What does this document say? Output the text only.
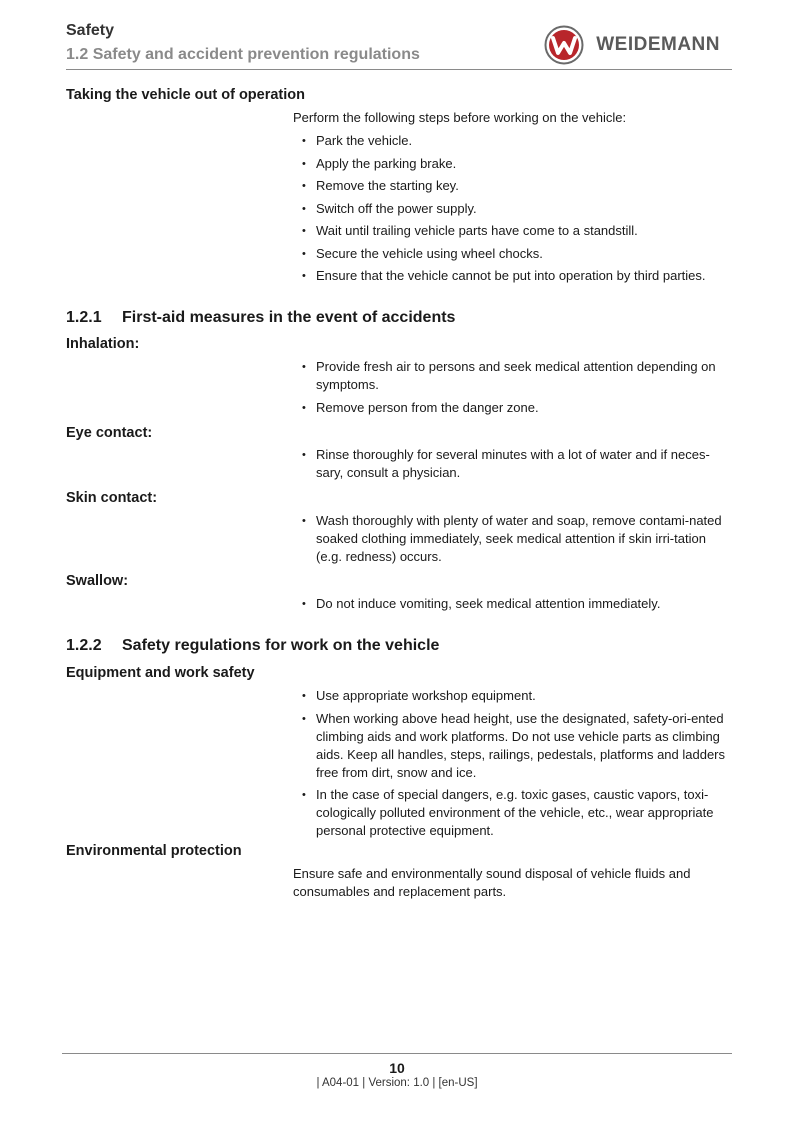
Safety
1.2 Safety and accident prevention regulations	WEIDEMANN
Taking the vehicle out of operation
Perform the following steps before working on the vehicle:
• Park the vehicle.
• Apply the parking brake.
• Remove the starting key.
• Switch off the power supply.
• Wait until trailing vehicle parts have come to a standstill.
• Secure the vehicle using wheel chocks.
• Ensure that the vehicle cannot be put into operation by third parties.
1.2.1 First-aid measures in the event of accidents
Inhalation:
• Provide fresh air to persons and seek medical attention depending on symptoms.
• Remove person from the danger zone.
Eye contact:
• Rinse thoroughly for several minutes with a lot of water and if neces-sary, consult a physician.
Skin contact:
• Wash thoroughly with plenty of water and soap, remove contami-nated soaked clothing immediately, seek medical attention if skin irri-tation (e.g. redness) occurs.
Swallow:
• Do not induce vomiting, seek medical attention immediately.
1.2.2 Safety regulations for work on the vehicle
Equipment and work safety
• Use appropriate workshop equipment.
• When working above head height, use the designated, safety-ori-ented climbing aids and work platforms. Do not use vehicle parts as climbing aids. Keep all handles, steps, railings, pedestals, platforms and ladders free from dirt, snow and ice.
• In the case of special dangers, e.g. toxic gases, caustic vapors, toxi-cologically polluted environment of the vehicle, etc., wear appropriate personal protective equipment.
Environmental protection
Ensure safe and environmentally sound disposal of vehicle fluids and consumables and replacement parts.
10
| A04-01 | Version: 1.0 | [en-US]
